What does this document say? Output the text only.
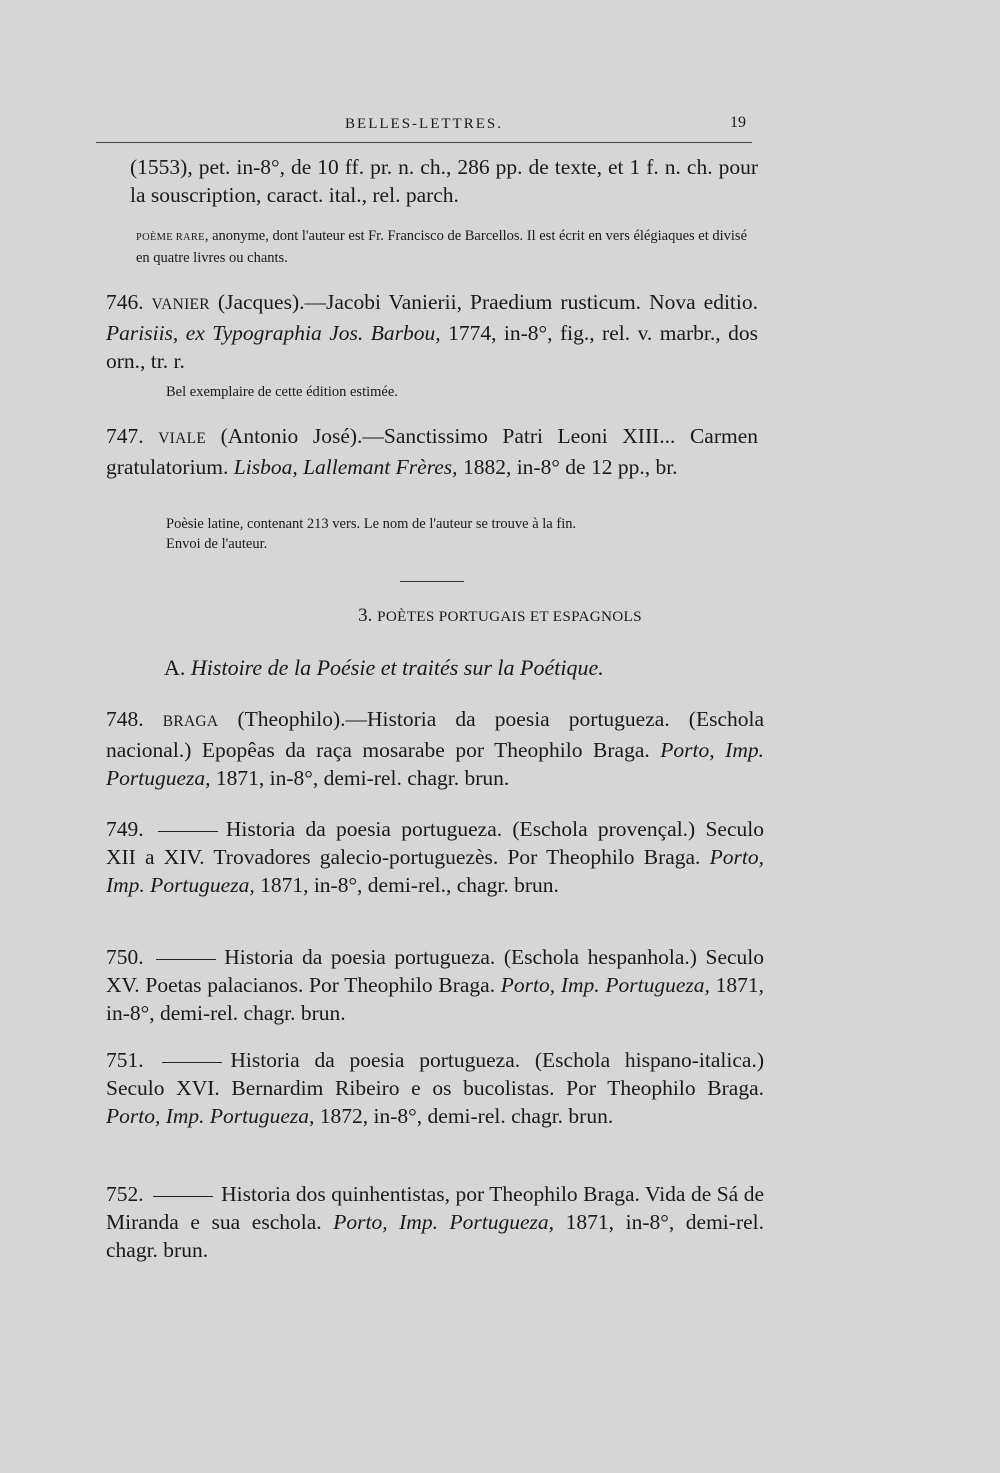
BELLES-LETTRES.	19
(1553), pet. in-8°, de 10 ff. pr. n. ch., 286 pp. de texte, et 1 f. n. ch. pour la souscription, caract. ital., rel. parch.
POÈME RARE, anonyme, dont l'auteur est Fr. Francisco de Barcellos. Il est écrit en vers élégiaques et divisé en quatre livres ou chants.
746. VANIER (Jacques).—Jacobi Vanierii, Praedium rusticum. Nova editio. Parisiis, ex Typographia Jos. Barbou, 1774, in-8°, fig., rel. v. marbr., dos orn., tr. r.
Bel exemplaire de cette édition estimée.
747. VIALE (Antonio José).—Sanctissimo Patri Leoni XIII... Carmen gratulatorium. Lisboa, Lallemant Frères, 1882, in-8° de 12 pp., br.
Poèsie latine, contenant 213 vers. Le nom de l'auteur se trouve à la fin.
Envoi de l'auteur.
3. POÈTES PORTUGAIS ET ESPAGNOLS
A. Histoire de la Poésie et traités sur la Poétique.
748. BRAGA (Theophilo).—Historia da poesia portugueza. (Eschola nacional.) Epopêas da raça mosarabe por Theophilo Braga. Porto, Imp. Portugueza, 1871, in-8°, demi-rel. chagr. brun.
749.	Historia da poesia portugueza. (Eschola provençal.) Seculo XII a XIV. Trovadores galecio-portuguezès. Por Theophilo Braga. Porto, Imp. Portugueza, 1871, in-8°, demi-rel., chagr. brun.
750.	Historia da poesia portugueza. (Eschola hespanhola.) Seculo XV. Poetas palacianos. Por Theophilo Braga. Porto, Imp. Portugueza, 1871, in-8°, demi-rel. chagr. brun.
751.	Historia da poesia portugueza. (Eschola hispano-italica.) Seculo XVI. Bernardim Ribeiro e os bucolistas. Por Theophilo Braga. Porto, Imp. Portugueza, 1872, in-8°, demi-rel. chagr. brun.
752.	Historia dos quinhentistas, por Theophilo Braga. Vida de Sá de Miranda e sua eschola. Porto, Imp. Portugueza, 1871, in-8°, demi-rel. chagr. brun.
